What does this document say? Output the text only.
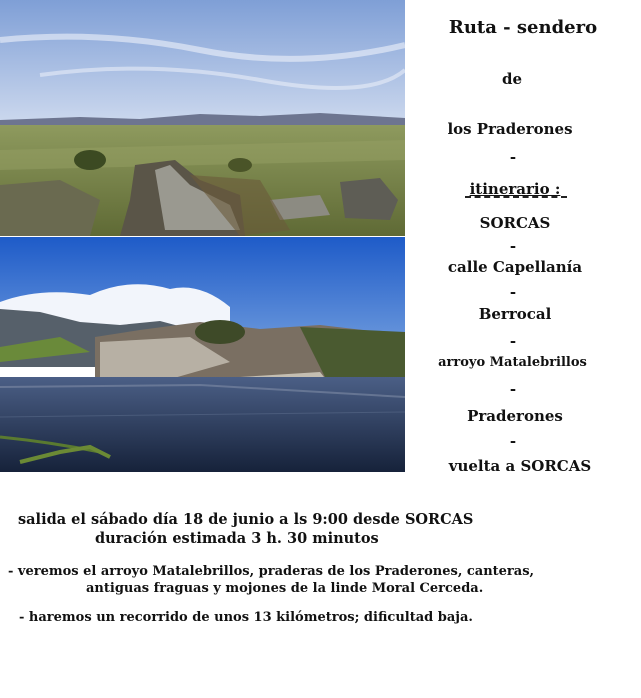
Ruta - sendero
de
los Praderones
-
itinerario :
SORCAS
-
calle Capellanía
-
Berrocal
-
arroyo Matalebrillos
-
Praderones
-
vuelta a SORCAS
salida el sábado día 18 de junio a ls 9:00 desde SORCAS
duración estimada 3 h. 30 minutos
- veremos el arroyo Matalebrillos, praderas de los Praderones, canteras,
antiguas fraguas y mojones de la linde Moral Cerceda.
- haremos un recorrido de unos 13 kilómetros; dificultad baja.
